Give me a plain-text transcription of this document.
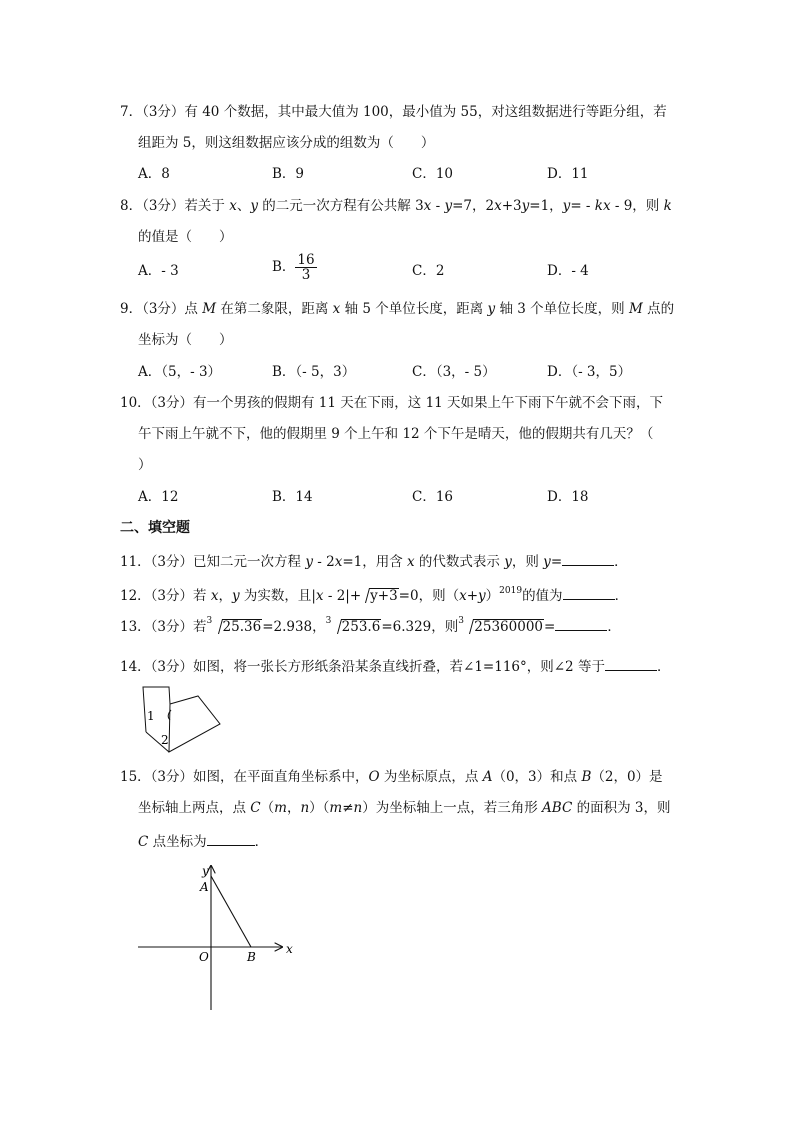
7．（3分）有 40 个数据，其中最大值为 100，最小值为 55，对这组数据进行等距分组，若
组距为 5，则这组数据应该分成的组数为（　　）
A．8	B．9	C．10	D．11
8．（3分）若关于 x、y 的二元一次方程有公共解 3x - y=7，2x+3y=1，y= - kx - 9，则 k
的值是（　　）
A．- 3	B． $\frac{16}{3}$	C．2	D．- 4
9．（3分）点 M 在第二象限，距离 x 轴 5 个单位长度，距离 y 轴 3 个单位长度，则 M 点的
坐标为（　　）
A．（5，- 3）	B．（- 5，3）	C．（3，- 5）	D．（- 3，5）
10．（3分）有一个男孩的假期有 11 天在下雨，这 11 天如果上午下雨下午就不会下雨，下
午下雨上午就不下，他的假期里 9 个上午和 12 个下午是晴天，他的假期共有几天？（
）
A．12	B．14	C．16	D．18
二、填空题
11．（3分）已知二元一次方程 y - 2x=1，用含 x 的代数式表示 y，则 y=	．
12．（3分）若 x，y 为实数，且|x - 2|+ y+3=0，则$(x+y)^{2019}$的值为	．
13．（3分）若 3 25.36=2.938， 3 253.6=6.329，则 3 25360000=	．
14．（3分）如图，将一张长方形纸条沿某条直线折叠，若∠1=116°，则∠2 等于	．
1
2
15．（3分）如图，在平面直角坐标系中，O 为坐标原点，点 A（0，3）和点 B（2，0）是
坐标轴上两点，点 C（m，n）（m≠n）为坐标轴上一点，若三角形 ABC 的面积为 3，则
C 点坐标为	．
y
x
A
O	B
